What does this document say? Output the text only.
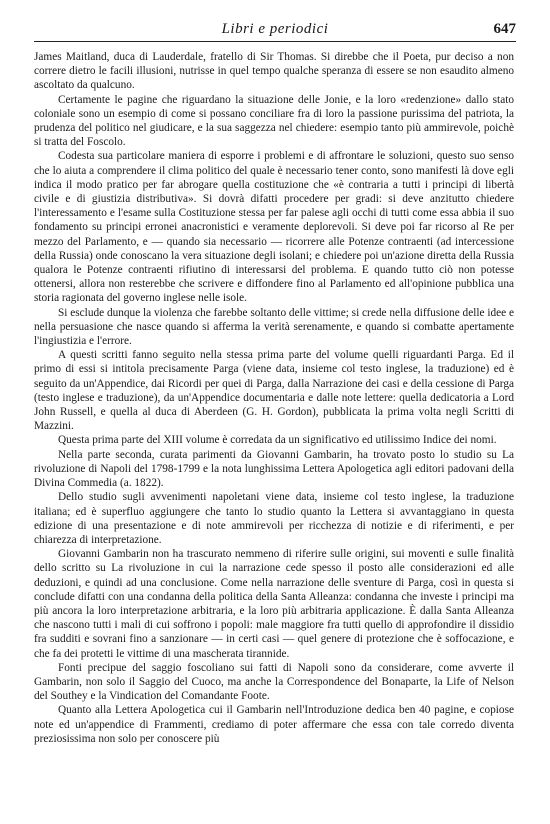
Libri e periodici	647

James Maitland, duca di Lauderdale, fratello di Sir Thomas. Si direbbe che il Poeta, pur deciso a non correre dietro le facili illusioni, nutrisse in quel tempo qualche speranza di essere se non esaudito almeno ascoltato da qualcuno.

Certamente le pagine che riguardano la situazione delle Jonie, e la loro «redenzione» dallo stato coloniale sono un esempio di come si possano conciliare fra di loro la passione purissima del patriota, la prudenza del politico nel giudicare, e la sua saggezza nel chiedere: esempio tanto più ammirevole, poichè si tratta del Foscolo.

Codesta sua particolare maniera di esporre i problemi e di affrontare le soluzioni, questo suo senso che lo aiuta a comprendere il clima politico del quale è necessario tener conto, sono manifesti là dove egli indica il modo pratico per far abrogare quella costituzione che «è contraria a tutti i principi di libertà civile e di giustizia distributiva». Si dovrà difatti procedere per gradi: si deve anzitutto chiedere l'interessamento e l'esame sulla Costituzione stessa per far palese agli occhi di tutti come essa abbia il suo fondamento su principi erronei anacronistici e veramente deplorevoli. Si deve poi far ricorso al Re per mezzo del Parlamento, e — quando sia necessario — ricorrere alle Potenze contraenti (ad intercessione della Russia) onde conoscano la vera situazione degli isolani; e chiedere poi un'azione diretta della Russia qualora le Potenze contraenti rifiutino di interessarsi del problema. E quando tutto ciò non potesse ottenersi, allora non resterebbe che scrivere e diffondere fino al Parlamento ed all'opinione pubblica una storia ragionata del governo inglese nelle isole.

Si esclude dunque la violenza che farebbe soltanto delle vittime; si crede nella diffusione delle idee e nella persuasione che nasce quando si afferma la verità serenamente, e quando si combatte apertamente l'ingiustizia e l'errore.

A questi scritti fanno seguito nella stessa prima parte del volume quelli riguardanti Parga. Ed il primo di essi si intitola precisamente Parga (viene data, insieme col testo inglese, la traduzione) ed è seguito da un'Appendice, dai Ricordi per quei di Parga, dalla Narrazione dei casi e della cessione di Parga (testo inglese e traduzione), da un'Appendice documentaria e dalle note lettere: quella dedicatoria a Lord John Russell, e quella al duca di Aberdeen (G. H. Gordon), pubblicata la prima volta negli Scritti di Mazzini.

Questa prima parte del XIII volume è corredata da un significativo ed utilissimo Indice dei nomi.

Nella parte seconda, curata parimenti da Giovanni Gambarin, ha trovato posto lo studio su La rivoluzione di Napoli del 1798-1799 e la nota lunghissima Lettera Apologetica agli editori padovani della Divina Commedia (a. 1822).

Dello studio sugli avvenimenti napoletani viene data, insieme col testo inglese, la traduzione italiana; ed è superfluo aggiungere che tanto lo studio quanto la Lettera si avvantaggiano in questa edizione di una presentazione e di note ammirevoli per ricchezza di notizie e di riferimenti, e per chiarezza di interpretazione.

Giovanni Gambarin non ha trascurato nemmeno di riferire sulle origini, sui moventi e sulle finalità dello scritto su La rivoluzione in cui la narrazione cede spesso il posto alle considerazioni ed alle deduzioni, e quindi ad una conclusione. Come nella narrazione delle sventure di Parga, così in questa si conclude difatti con una condanna della politica della Santa Alleanza: condanna che investe i principi ma più ancora la loro interpretazione arbitraria, e la loro più arbitraria applicazione. È dalla Santa Alleanza che nascono tutti i mali di cui soffrono i popoli: male maggiore fra tutti quello di approfondire il dissidio fra sudditi e sovrani fino a sanzionare — in certi casi — quel genere di protezione che è soffocazione, e che fa dei protetti le vittime di una mascherata tirannide.

Fonti precipue del saggio foscoliano sui fatti di Napoli sono da considerare, come avverte il Gambarin, non solo il Saggio del Cuoco, ma anche la Correspondence del Bonaparte, la Life of Nelson del Southey e la Vindication del Comandante Foote.

Quanto alla Lettera Apologetica cui il Gambarin nell'Introduzione dedica ben 40 pagine, e copiose note ed un'appendice di Frammenti, crediamo di poter affermare che essa con tale corredo diventa preziosissima non solo per conoscere più
